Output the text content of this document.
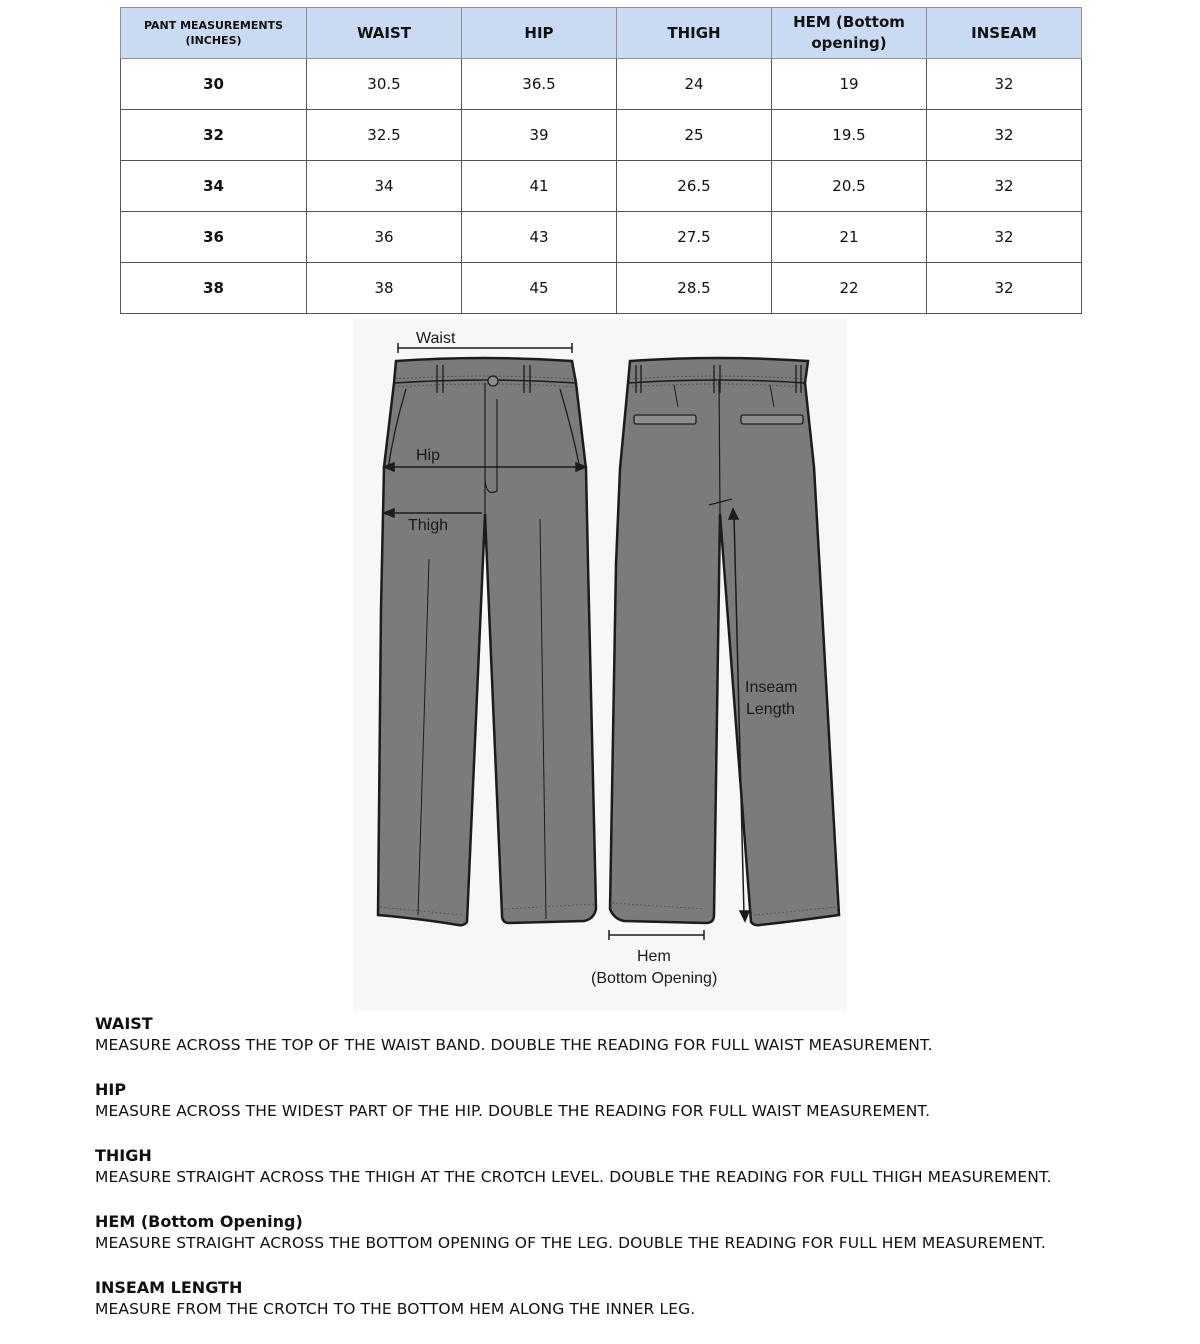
PANT MEASUREMENTS (INCHES)	WAIST	HIP	THIGH	HEM (Bottom opening)	INSEAM
30	30.5	36.5	24	19	32
32	32.5	39	25	19.5	32
34	34	41	26.5	20.5	32
36	36	43	27.5	21	32
38	38	45	28.5	22	32
Waist
Hip
Thigh
Inseam
Length
Hem
(Bottom Opening)
WAIST
MEASURE ACROSS THE TOP OF THE WAIST BAND. DOUBLE THE READING FOR FULL WAIST MEASUREMENT.
HIP
MEASURE ACROSS THE WIDEST PART OF THE HIP. DOUBLE THE READING FOR FULL WAIST MEASUREMENT.
THIGH
MEASURE STRAIGHT ACROSS THE THIGH AT THE CROTCH LEVEL. DOUBLE THE READING FOR FULL THIGH MEASUREMENT.
HEM (Bottom Opening)
MEASURE STRAIGHT ACROSS THE BOTTOM OPENING OF THE LEG. DOUBLE THE READING FOR FULL HEM MEASUREMENT.
INSEAM LENGTH
MEASURE FROM THE CROTCH TO THE BOTTOM HEM ALONG THE INNER LEG.
